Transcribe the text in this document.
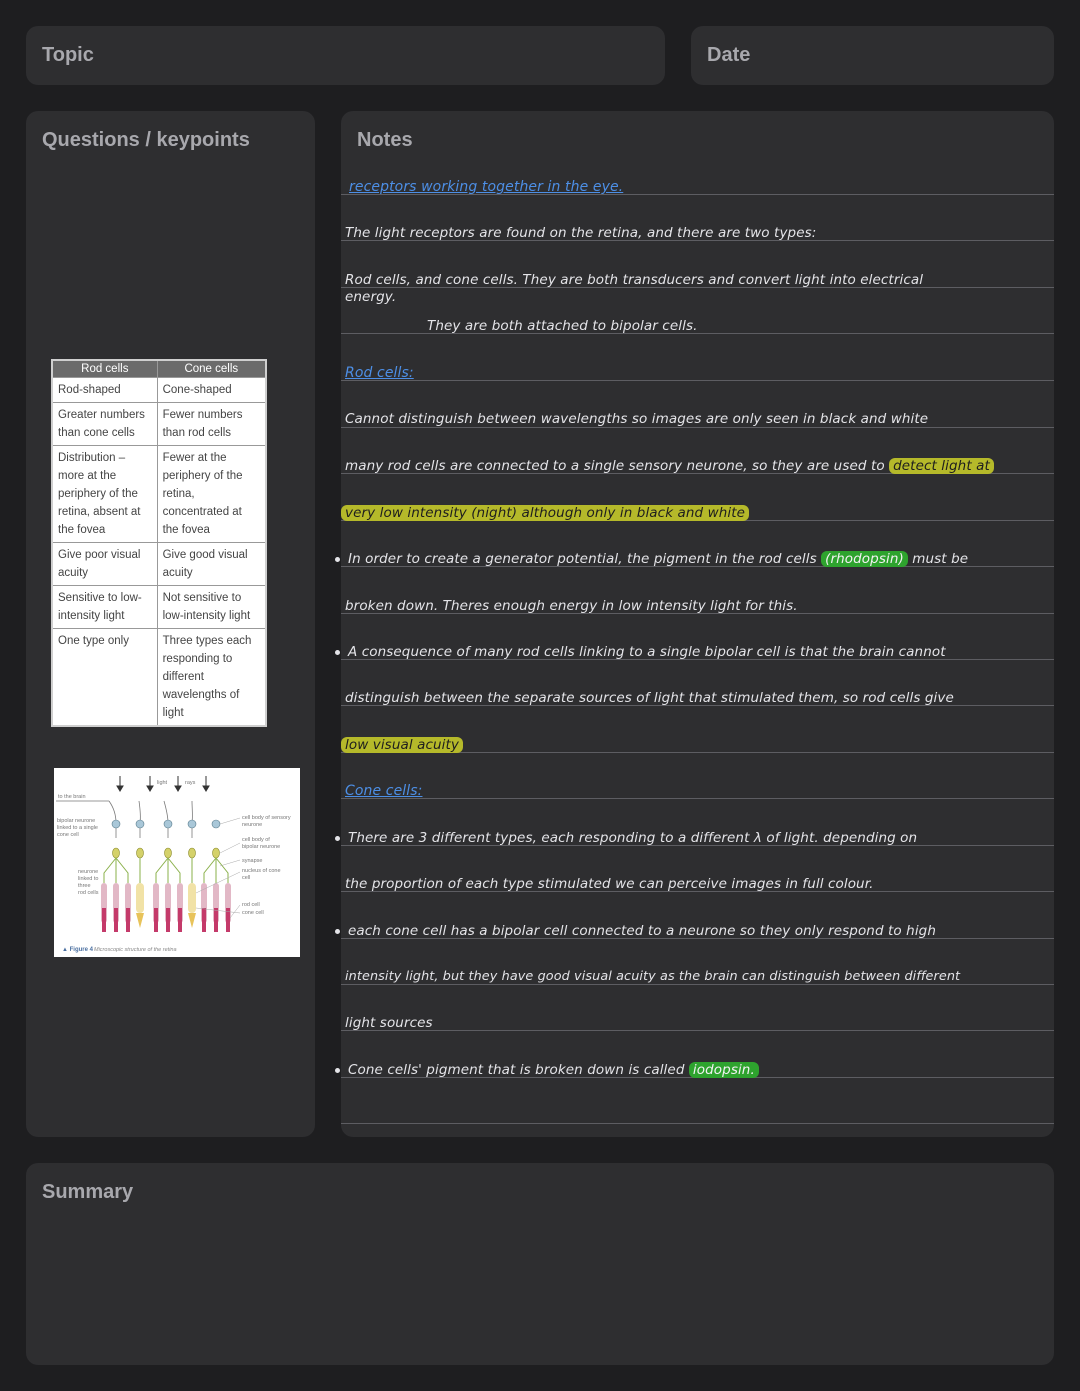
Topic	Date
Questions / keypoints
Rod cells	Cone cells
Rod-shaped	Cone-shaped
Greater numbers than cone cells	Fewer numbers than rod cells
Distribution – more at the periphery of the retina, absent at the fovea	Fewer at the periphery of the retina, concentrated at the fovea
Give poor visual acuity	Give good visual acuity
Sensitive to low-intensity light	Not sensitive to low-intensity light
One type only	Three types each responding to different wavelengths of light
light	rays
to the brain
bipolar neurone
linked to a single
cone cell
neurone
linked to
three
rod cells
cell body of sensory
neurone
cell body of
bipolar neurone
synapse
nucleus of cone
cell
rod cell
cone cell
▲ Figure 4 Microscopic structure of the retina
Notes
receptors working together in the eye.
The light receptors are found on the retina, and there are two types:
Rod cells, and cone cells. They are both transducers and convert light into electrical
energy.
They are both attached to bipolar cells.
Rod cells:
Cannot distinguish between wavelengths so images are only seen in black and white
many rod cells are connected to a single sensory neurone, so they are used to detect light at
very low intensity (night) although only in black and white
In order to create a generator potential, the pigment in the rod cells (rhodopsin) must be
broken down. Theres enough energy in low intensity light for this.
A consequence of many rod cells linking to a single bipolar cell is that the brain cannot
distinguish between the separate sources of light that stimulated them, so rod cells give
low visual acuity
Cone cells:
There are 3 different types, each responding to a different λ of light. depending on
the proportion of each type stimulated we can perceive images in full colour.
each cone cell has a bipolar cell connected to a neurone so they only respond to high
intensity light, but they have good visual acuity as the brain can distinguish between different
light sources
Cone cells' pigment that is broken down is called iodopsin.
Summary
